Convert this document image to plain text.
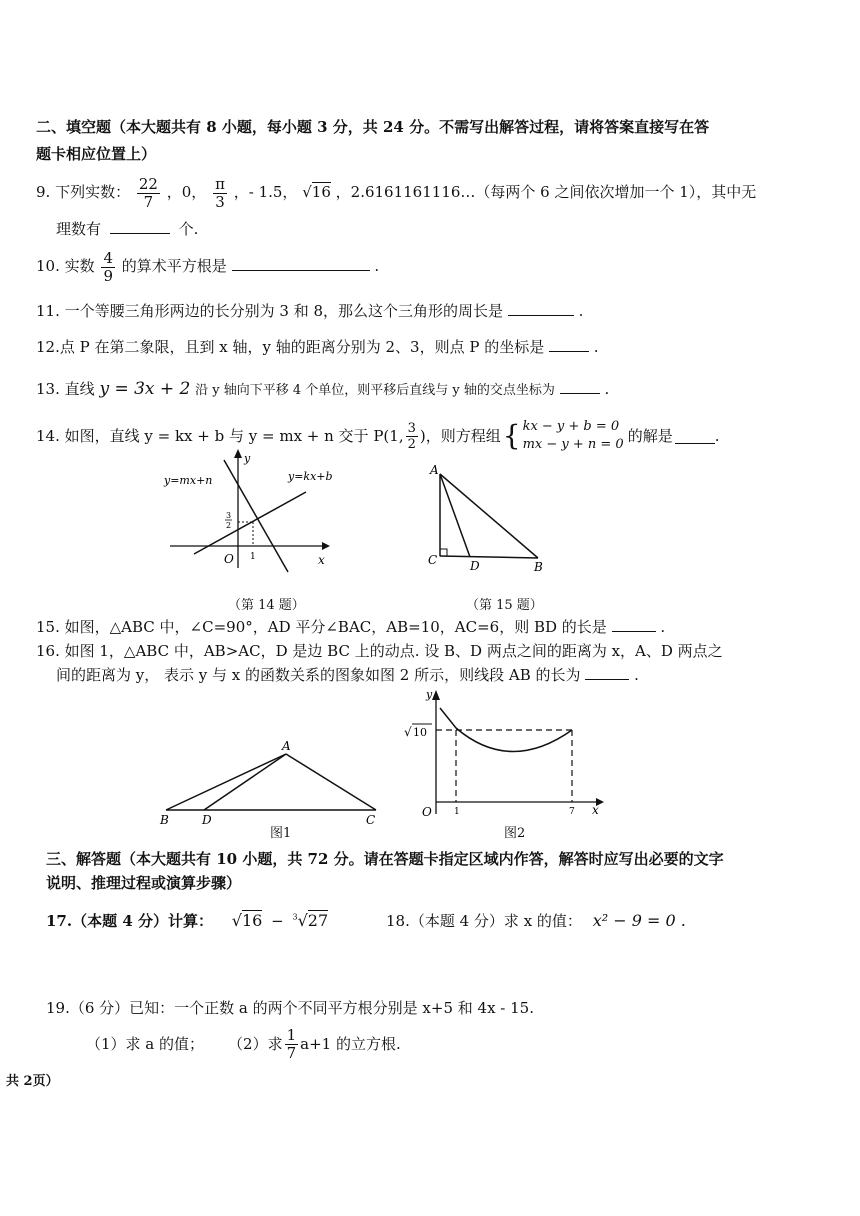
二、填空题（本大题共有 8 小题，每小题 3 分，共 24 分。不需写出解答过程，请将答案直接写在答
题卡相应位置上）
9. 下列实数： $\frac{22}{7}$ ，0， $\frac{\pi}{3}$ ，- 1.5， √16 ，2.6161161116…（每两个 6 之间依次增加一个 1），其中无
理数有	个.
10. 实数 $\frac{4}{9}$ 的算术平方根是	.
11. 一个等腰三角形两边的长分别为 3 和 8，那么这个三角形的周长是	.
12.点 P 在第二象限，且到 x 轴，y 轴的距离分别为 2、3，则点 P 的坐标是	.
13. 直线 y = 3x + 2 沿 y 轴向下平移 4 个单位，则平移后直线与 y 轴的交点坐标为	.
14. 如图，直线 y = kx + b 与 y = mx + n 交于 P(1, $\frac{3}{2}$ )，则方程组 { kx − y + b = 0
mx − y + n = 0 的解是	.
y=mx+n	y=kx+b
y
x
O 1
3
2
（第 14 题）
A
C	D	B
（第 15 题）
15. 如图，△ABC 中，∠C=90°，AD 平分∠BAC，AB=10，AC=6，则 BD 的长是	.
16. 如图 1，△ABC 中，AB>AC，D 是边 BC 上的动点. 设 B、D 两点之间的距离为 x，A、D 两点之
间的距离为 y， 表示 y 与 x 的函数关系的图象如图 2 所示，则线段 AB 的长为	.
A
B	D	C
图1
y
x
O
√ 10
1	7
图2
三、解答题（本大题共有 10 小题，共 72 分。请在答题卡指定区域内作答，解答时应写出必要的文字
说明、推理过程或演算步骤）
17.（本题 4 分）计算： √16 − $^3$√27	18.（本题 4 分）求 x 的值： x² − 9 = 0 .
19.（6 分）已知：一个正数 a 的两个不同平方根分别是 x+5 和 4x - 15.
（1）求 a 的值； （2）求 $\frac{1}{7} a+1$ 的立方根.
共 2页）
